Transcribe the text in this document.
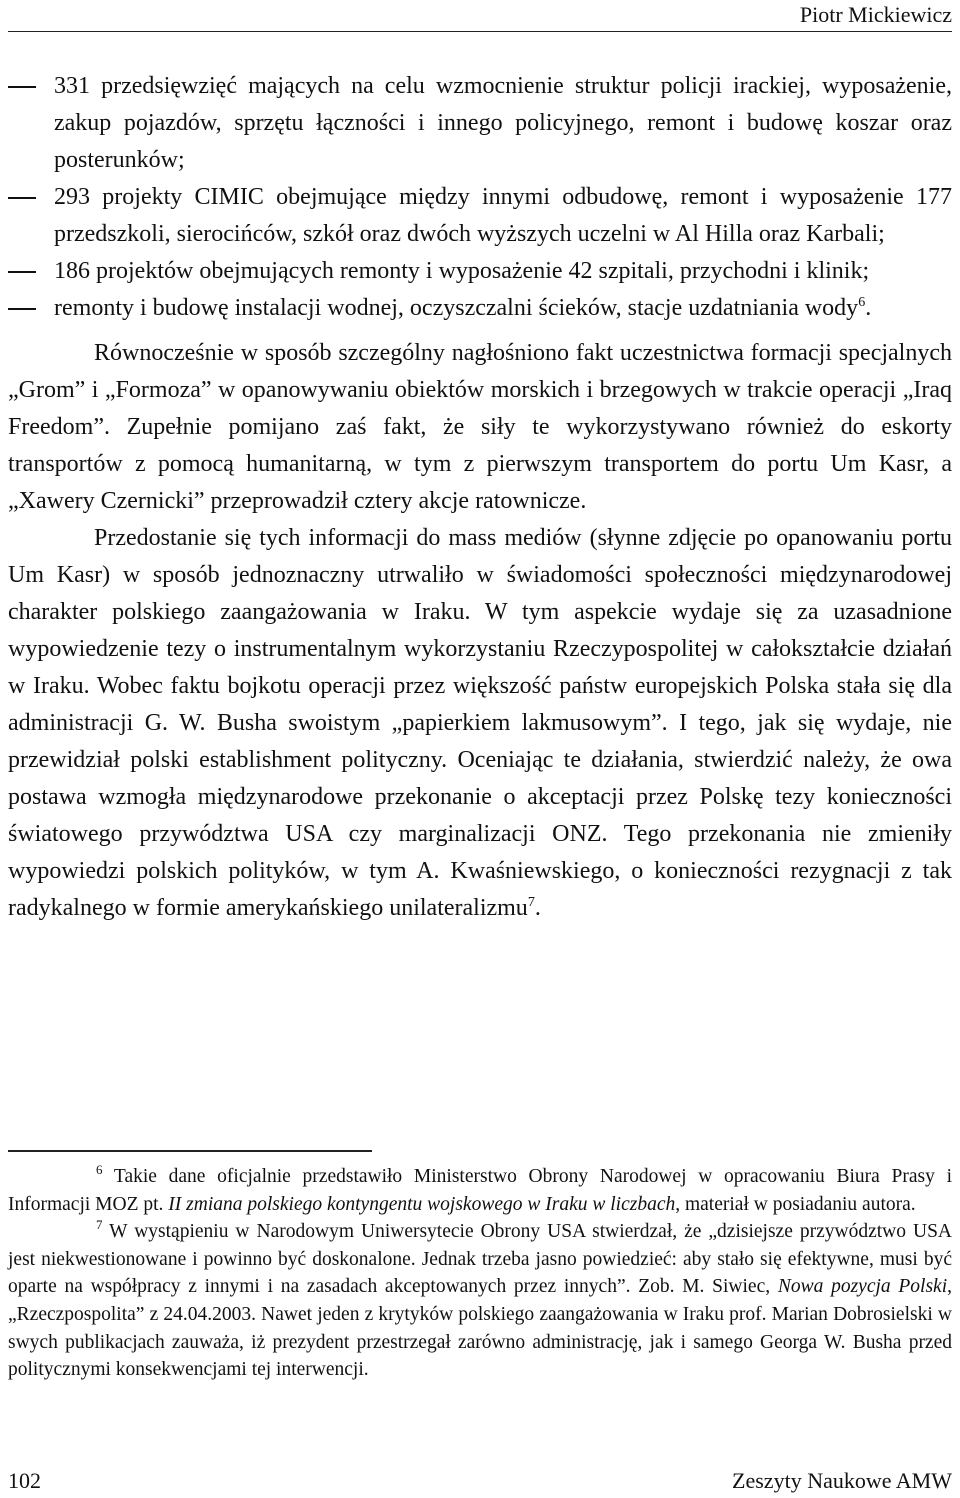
Piotr Mickiewicz
331 przedsięwzięć mających na celu wzmocnienie struktur policji irackiej, wyposażenie, zakup pojazdów, sprzętu łączności i innego policyjnego, remont i budowę koszar oraz posterunków;
293 projekty CIMIC obejmujące między innymi odbudowę, remont i wyposażenie 177 przedszkoli, sierocińców, szkół oraz dwóch wyższych uczelni w Al Hilla oraz Karbali;
186 projektów obejmujących remonty i wyposażenie 42 szpitali, przychodni i klinik;
remonty i budowę instalacji wodnej, oczyszczalni ścieków, stacje uzdatniania wody$^6$.

Równocześnie w sposób szczególny nagłośniono fakt uczestnictwa formacji specjalnych „Grom” i „Formoza” w opanowywaniu obiektów morskich i brzegowych w trakcie operacji „Iraq Freedom”. Zupełnie pomijano zaś fakt, że siły te wykorzystywano również do eskorty transportów z pomocą humanitarną, w tym z pierwszym transportem do portu Um Kasr, a „Xawery Czernicki” przeprowadził cztery akcje ratownicze.

Przedostanie się tych informacji do mass mediów (słynne zdjęcie po opanowaniu portu Um Kasr) w sposób jednoznaczny utrwaliło w świadomości społeczności międzynarodowej charakter polskiego zaangażowania w Iraku. W tym aspekcie wydaje się za uzasadnione wypowiedzenie tezy o instrumentalnym wykorzystaniu Rzeczypospolitej w całokształcie działań w Iraku. Wobec faktu bojkotu operacji przez większość państw europejskich Polska stała się dla administracji G. W. Busha swoistym „papierkiem lakmusowym”. I tego, jak się wydaje, nie przewidział polski establishment polityczny. Oceniając te działania, stwierdzić należy, że owa postawa wzmogła międzynarodowe przekonanie o akceptacji przez Polskę tezy konieczności światowego przywództwa USA czy marginalizacji ONZ. Tego przekonania nie zmieniły wypowiedzi polskich polityków, w tym A. Kwaśniewskiego, o konieczności rezygnacji z tak radykalnego w formie amerykańskiego unilateralizmu$^7$.

$^6$ Takie dane oficjalnie przedstawiło Ministerstwo Obrony Narodowej w opracowaniu Biura Prasy i Informacji MOZ pt. II zmiana polskiego kontyngentu wojskowego w Iraku w liczbach, materiał w posiadaniu autora.

$^7$ W wystąpieniu w Narodowym Uniwersytecie Obrony USA stwierdzał, że „dzisiejsze przywództwo USA jest niekwestionowane i powinno być doskonalone. Jednak trzeba jasno powiedzieć: aby stało się efektywne, musi być oparte na współpracy z innymi i na zasadach akceptowanych przez innych”. Zob. M. Siwiec, Nowa pozycja Polski, „Rzeczpospolita” z 24.04.2003. Nawet jeden z krytyków polskiego zaangażowania w Iraku prof. Marian Dobrosielski w swych publikacjach zauważa, iż prezydent przestrzegał zarówno administrację, jak i samego Georga W. Busha przed politycznymi konsekwencjami tej interwencji.

102	Zeszyty Naukowe AMW
